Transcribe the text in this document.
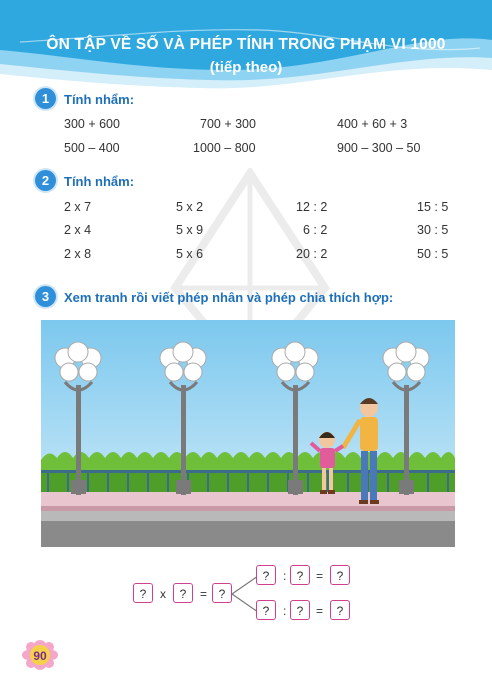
ÔN TẬP VỀ SỐ VÀ PHÉP TÍNH TRONG PHẠM VI 1000
(tiếp theo)
1	Tính nhẩm:
300 + 600	700 + 300	400 + 60 + 3
500 – 400	1000 – 800	900 – 300 – 50
2	Tính nhẩm:
2 x 7	5 x 2	12 : 2	15 : 5
2 x 4	5 x 9	6 : 2	30 : 5
2 x 8	5 x 6	20 : 2	50 : 5
3	Xem tranh rồi viết phép nhân và phép chia thích hợp:
?	x	?	= ?
?	: ?	=	?
?	: ?	=	?
90
